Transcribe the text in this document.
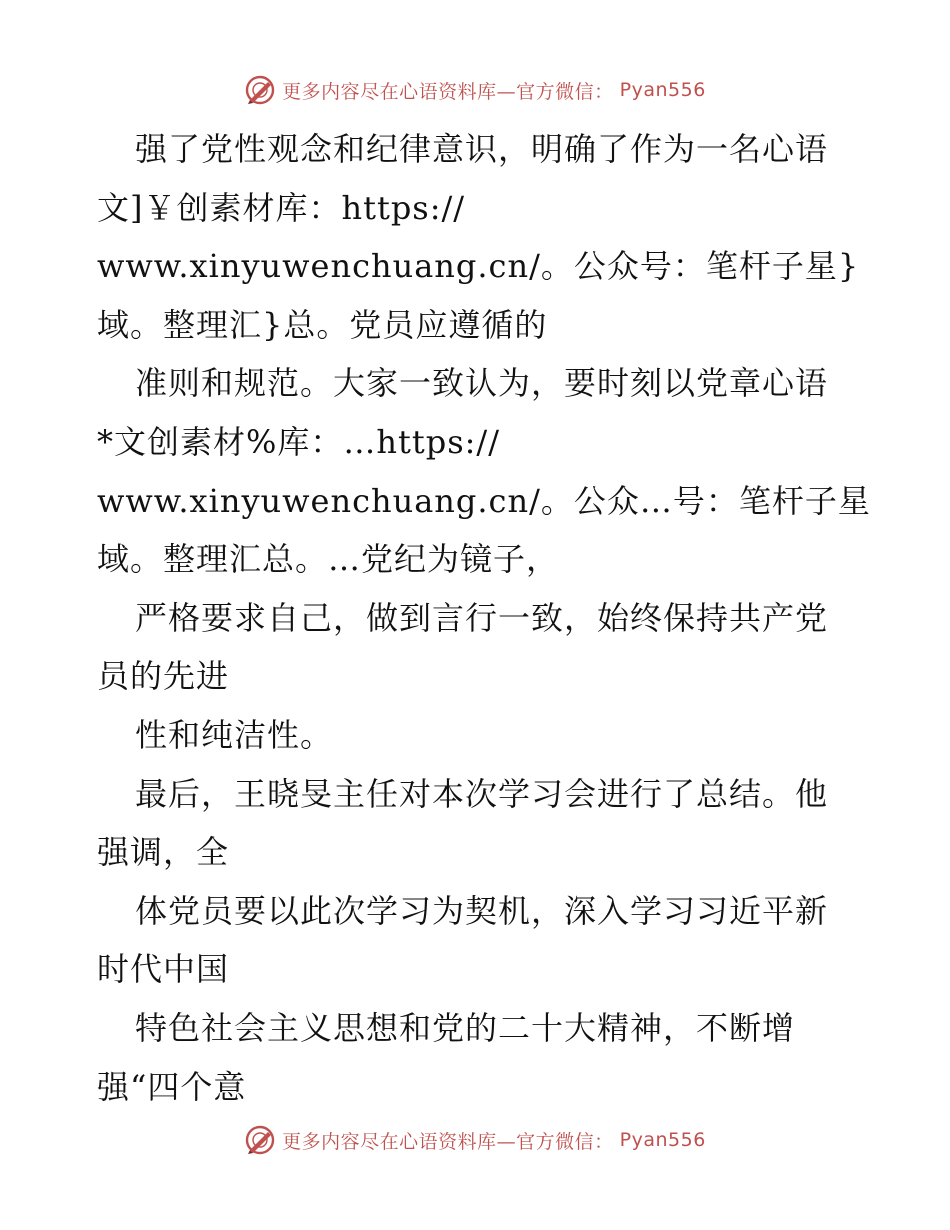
更多内容尽在心语资料库—官方微信： Pyan556
强了党性观念和纪律意识，明确了作为一名心语
文]￥创素材库：https://
www.xinyuwenchuang.cn/。公众号：笔杆子星}
域。整理汇}总。党员应遵循的
准则和规范。大家一致认为，要时刻以党章心语
*文创素材%库：…https://
www.xinyuwenchuang.cn/。公众…号：笔杆子星
域。整理汇总。…党纪为镜子，
严格要求自己，做到言行一致，始终保持共产党
员的先进
性和纯洁性。
最后，王晓旻主任对本次学习会进行了总结。他
强调，全
体党员要以此次学习为契机，深入学习习近平新
时代中国
特色社会主义思想和党的二十大精神，不断增
强“四个意
更多内容尽在心语资料库—官方微信： Pyan556
